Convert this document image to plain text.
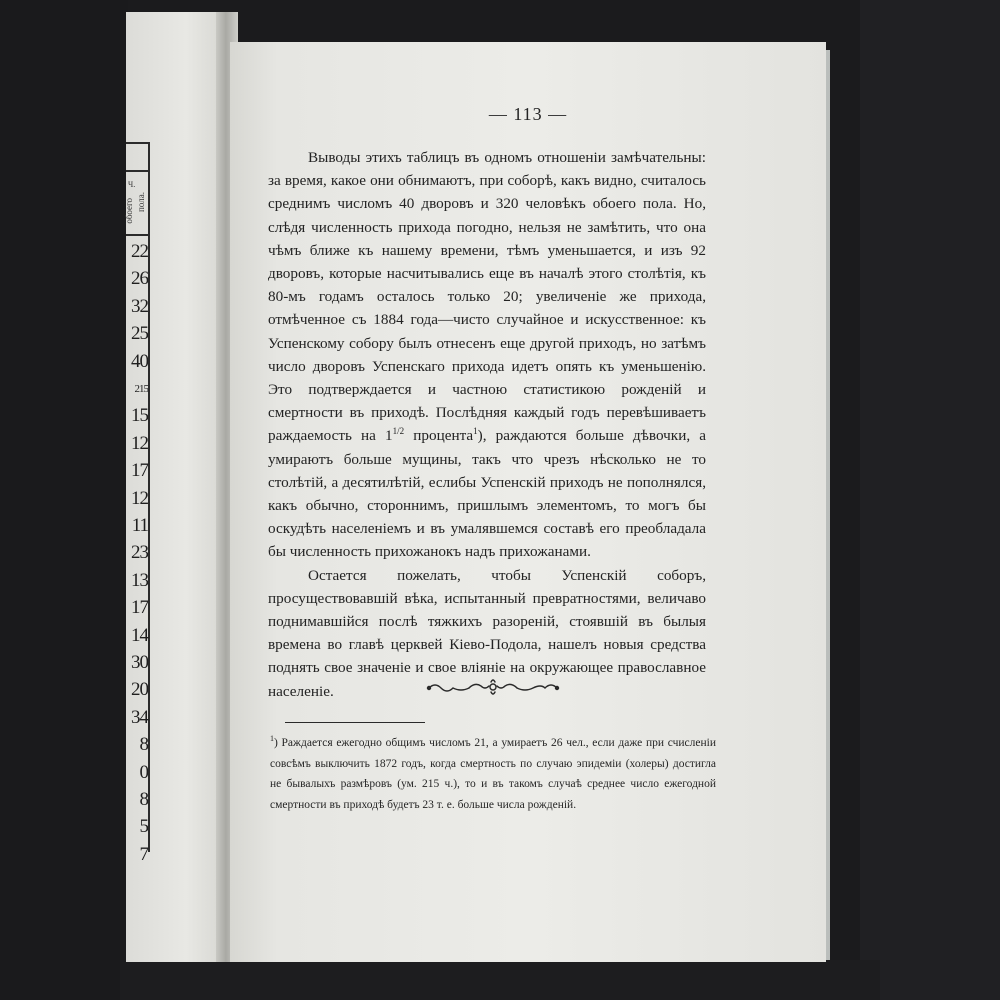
Ч.
пола.
обоего
22
26
32
25
40
215
15
12
17
12
11
23
13
17
14
30
20
34
8
0
8
5
7
— 113 —

Выводы этихъ таблицъ въ одномъ отношеніи замѣчательны: за время, какое они обнимаютъ, при соборѣ, какъ видно, считалось среднимъ числомъ 40 дворовъ и 320 человѣкъ обоего пола. Но, слѣдя численность прихода погодно, нельзя не замѣтить, что она чѣмъ ближе къ нашему времени, тѣмъ уменьшается, и изъ 92 дворовъ, которые насчитывались еще въ началѣ этого столѣтія, къ 80-мъ годамъ осталось только 20; увеличеніе же прихода, отмѣченное съ 1884 года—чисто случайное и искусственное: къ Успенскому собору былъ отнесенъ еще другой приходъ, но затѣмъ число дворовъ Успенскаго прихода идетъ опять къ уменьшенію. Это подтверждается и частною статистикою рожденій и смертности въ приходѣ. Послѣдняя каждый годъ перевѣшиваетъ раждаемость на $1^{1/2}$ процента$^1$), раждаются больше дѣвочки, а умираютъ больше мущины, такъ что чрезъ нѣсколько не то столѣтій, а десятилѣтій, еслибы Успенскій приходъ не пополнялся, какъ обычно, стороннимъ, пришлымъ элементомъ, то могъ бы оскудѣть населеніемъ и въ умалявшемся составѣ его преобладала бы численность прихожанокъ надъ прихожанами.

Остается пожелать, чтобы Успенскій соборъ, просуществовавшій вѣка, испытанный превратностями, величаво поднимавшійся послѣ тяжкихъ разореній, стоявшій въ былыя времена во главѣ церквей Кіево-Подола, нашелъ новыя средства поднять свое значеніе и свое вліяніе на окружающее православное населеніе.

$^1$) Раждается ежегодно общимъ числомъ 21, а умираетъ 26 чел., если даже при счисленіи совсѣмъ выключить 1872 годъ, когда смертность по случаю эпидеміи (холеры) достигла не бывалыхъ размѣровъ (ум. 215 ч.), то и въ такомъ случаѣ среднее число ежегодной смертности въ приходѣ будетъ 23 т. е. больше числа рожденій.
